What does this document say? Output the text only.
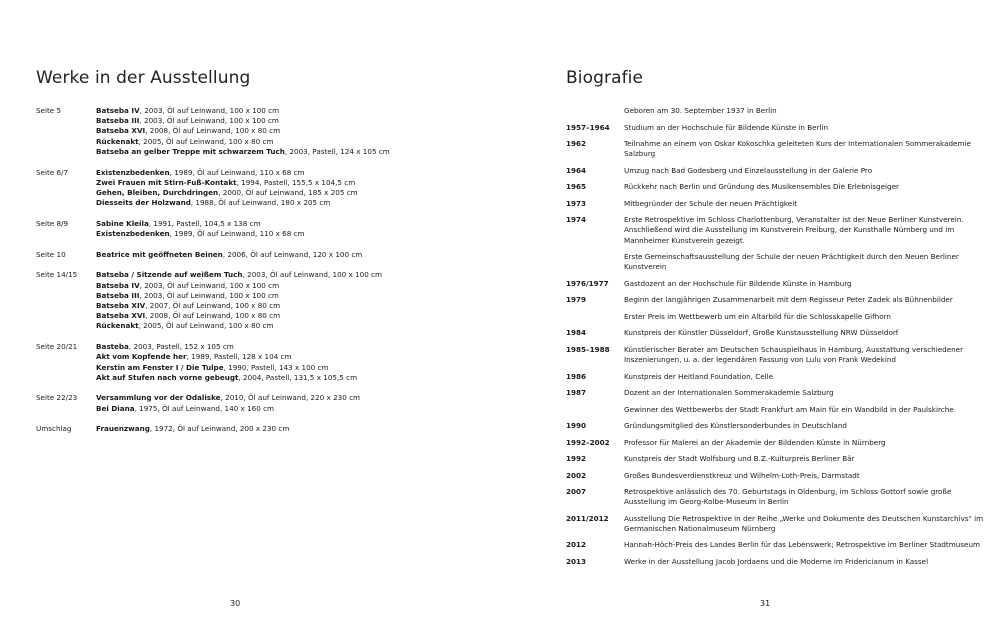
Werke in der Ausstellung
Seite 5	Batseba IV, 2003, Öl auf Leinwand, 100 x 100 cm
Batseba III, 2003, Öl auf Leinwand, 100 x 100 cm
Batseba XVI, 2008, Öl auf Leinwand, 100 x 80 cm
Rückenakt, 2005, Öl auf Leinwand, 100 x 80 cm
Batseba an gelber Treppe mit schwarzem Tuch, 2003, Pastell, 124 x 105 cm
Seite 6/7	Existenzbedenken, 1989, Öl auf Leinwand, 110 x 68 cm
Zwei Frauen mit Stirn-Fuß-Kontakt, 1994, Pastell, 155,5 x 104,5 cm
Gehen, Bleiben, Durchdringen, 2000, Öl auf Leinwand, 185 x 205 cm
Diesseits der Holzwand, 1988, Öl auf Leinwand, 180 x 205 cm
Seite 8/9	Sabine Kleila, 1991, Pastell, 104,5 x 138 cm
Existenzbedenken, 1989, Öl auf Leinwand, 110 x 68 cm
Seite 10	Beatrice mit geöffneten Beinen, 2006, Öl auf Leinwand, 120 x 100 cm
Seite 14/15	Batseba / Sitzende auf weißem Tuch, 2003, Öl auf Leinwand, 100 x 100 cm
Batseba IV, 2003, Öl auf Leinwand, 100 x 100 cm
Batseba III, 2003, Öl auf Leinwand, 100 x 100 cm
Batseba XIV, 2007, Öl auf Leinwand, 100 x 80 cm
Batseba XVI, 2008, Öl auf Leinwand, 100 x 80 cm
Rückenakt, 2005, Öl auf Leinwand, 100 x 80 cm
Seite 20/21	Basteba, 2003, Pastell, 152 x 105 cm
Akt vom Kopfende her, 1989, Pastell, 128 x 104 cm
Kerstin am Fenster I / Die Tulpe, 1990, Pastell, 143 x 100 cm
Akt auf Stufen nach vorne gebeugt, 2004, Pastell, 131,5 x 105,5 cm
Seite 22/23	Versammlung vor der Odaliske, 2010, Öl auf Leinwand, 220 x 230 cm
Bei Diana, 1975, Öl auf Leinwand, 140 x 160 cm
Umschlag	Frauenzwang, 1972, Öl auf Leinwand, 200 x 230 cm
30
Biografie
Geboren am 30. September 1937 in Berlin
1957–1964	Studium an der Hochschule für Bildende Künste in Berlin
1962	Teilnahme an einem von Oskar Kokoschka geleiteten Kurs der Internationalen Sommerakademie Salzburg
1964	Umzug nach Bad Godesberg und Einzelausstellung in der Galerie Pro
1965	Rückkehr nach Berlin und Gründung des Musikensembles Die Erlebnisgeiger
1973	Mitbegründer der Schule der neuen Prächtigkeit
1974	Erste Retrospektive im Schloss Charlottenburg, Veranstalter ist der Neue Berliner Kunstverein. Anschließend wird die Ausstellung im Kunstverein Freiburg, der Kunsthalle Nürnberg und im Mannheimer Kunstverein gezeigt.
Erste Gemeinschaftsausstellung der Schule der neuen Prächtigkeit durch den Neuen Berliner Kunstverein
1976/1977	Gastdozent an der Hochschule für Bildende Künste in Hamburg
1979	Beginn der langjährigen Zusammenarbeit mit dem Regisseur Peter Zadek als Bühnenbilder
Erster Preis im Wettbewerb um ein Altarbild für die Schlosskapelle Gifhorn
1984	Kunstpreis der Künstler Düsseldorf, Große Kunstausstellung NRW Düsseldorf
1985–1988	Künstlerischer Berater am Deutschen Schauspielhaus in Hamburg, Ausstattung verschiedener Inszenierungen, u. a. der legendären Fassung von Lulu von Frank Wedekind
1986	Kunstpreis der Heitland Foundation, Celle
1987	Dozent an der Internationalen Sommerakademie Salzburg
Gewinner des Wettbewerbs der Stadt Frankfurt am Main für ein Wandbild in der Paulskirche
1990	Gründungsmitglied des Künstlersonderbundes in Deutschland
1992–2002	Professor für Malerei an der Akademie der Bildenden Künste in Nürnberg
1992	Kunstpreis der Stadt Wolfsburg und B.Z.-Kulturpreis Berliner Bär
2002	Großes Bundesverdienstkreuz und Wilhelm-Loth-Preis, Darmstadt
2007	Retrospektive anlässlich des 70. Geburtstags in Oldenburg, im Schloss Gottorf sowie große Ausstellung im Georg-Kolbe-Museum in Berlin
2011/2012	Ausstellung Die Retrospektive in der Reihe „Werke und Dokumente des Deutschen Kunstarchivs" im Germanischen Nationalmuseum Nürnberg
2012	Hannah-Höch-Preis des Landes Berlin für das Lebenswerk; Retrospektive im Berliner Stadtmuseum
2013	Werke in der Ausstellung Jacob Jordaens und die Moderne im Fridericianum in Kassel
31
